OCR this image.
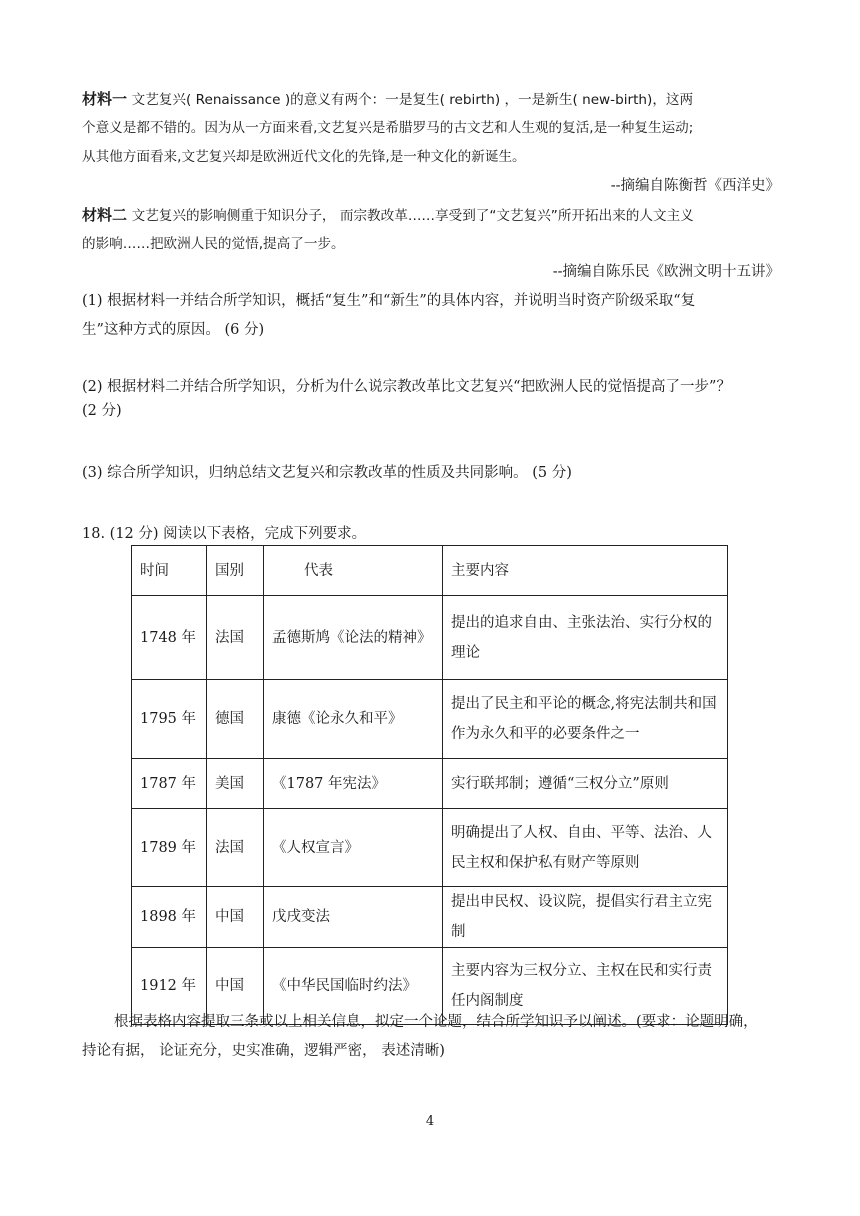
材料一 文艺复兴( Renaissance )的意义有两个：一是复生( rebirth) ，一是新生( new-birth)，这两
个意义是都不错的。因为从一方面来看,文艺复兴是希腊罗马的古文艺和人生观的复活,是一种复生运动;
从其他方面看来,文艺复兴却是欧洲近代文化的先锋,是一种文化的新诞生。
--摘编自陈衡哲《西洋史》
材料二 文艺复兴的影响侧重于知识分子， 而宗教改革……享受到了“文艺复兴”所开拓出来的人文主义
的影响……把欧洲人民的觉悟,提高了一步。
--摘编自陈乐民《欧洲文明十五讲》
(1) 根据材料一并结合所学知识，概括“复生”和“新生”的具体内容，并说明当时资产阶级采取“复
生”这种方式的原因。 (6 分)
(2) 根据材料二并结合所学知识，分析为什么说宗教改革比文艺复兴“把欧洲人民的觉悟提高了一步”？
(2 分)
(3) 综合所学知识，归纳总结文艺复兴和宗教改革的性质及共同影响。 (5 分)
18. (12 分) 阅读以下表格，完成下列要求。
时间	国别	代表	主要内容
1748 年	法国	孟德斯鸠《论法的精神》	提出的追求自由、主张法治、实行分权的理论
1795 年	德国	康德《论永久和平》	提出了民主和平论的概念,将宪法制共和国作为永久和平的必要条件之一
1787 年	美国	《1787 年宪法》	实行联邦制；遵循“三权分立”原则
1789 年	法国	《人权宣言》	明确提出了人权、自由、平等、法治、人民主权和保护私有财产等原则
1898 年	中国	戊戌变法	提出申民权、设议院，提倡实行君主立宪制
1912 年	中国	《中华民国临时约法》	主要内容为三权分立、主权在民和实行责任内阁制度
根据表格内容提取三条或以上相关信息，拟定一个论题，结合所学知识予以阐述。(要求：论题明确，
持论有据， 论证充分，史实准确，逻辑严密， 表述清晰)
4
